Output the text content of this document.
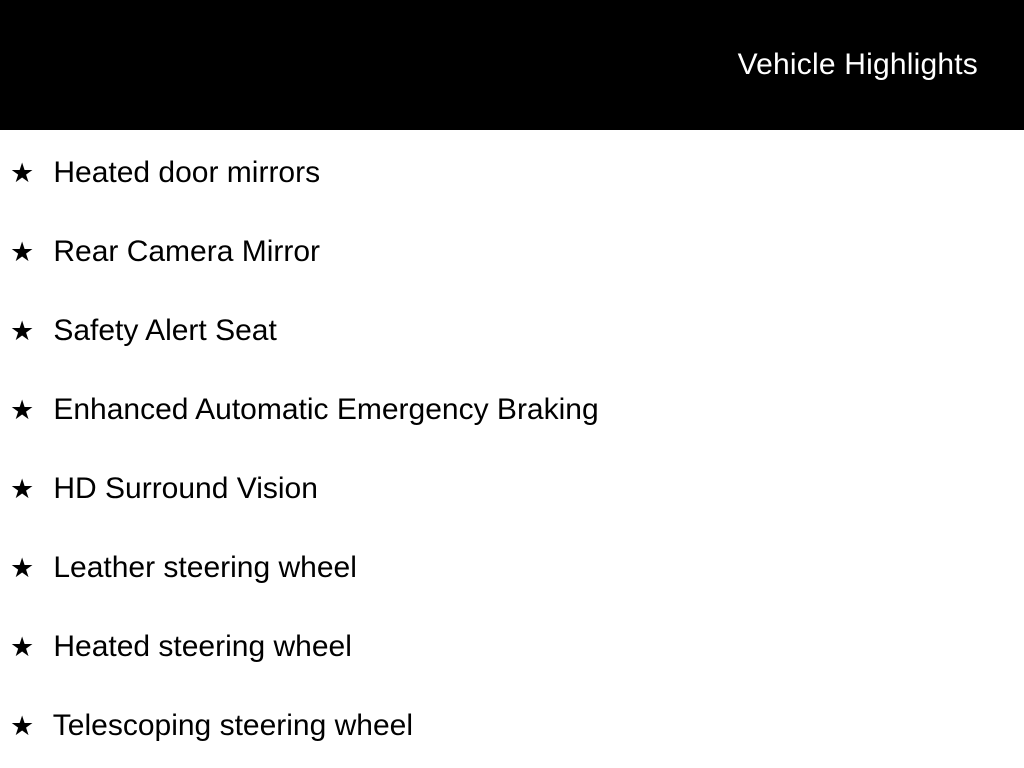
Vehicle Highlights
★ Heated door mirrors
★ Rear Camera Mirror
★ Safety Alert Seat
★ Enhanced Automatic Emergency Braking
★ HD Surround Vision
★ Leather steering wheel
★ Heated steering wheel
★ Telescoping steering wheel
